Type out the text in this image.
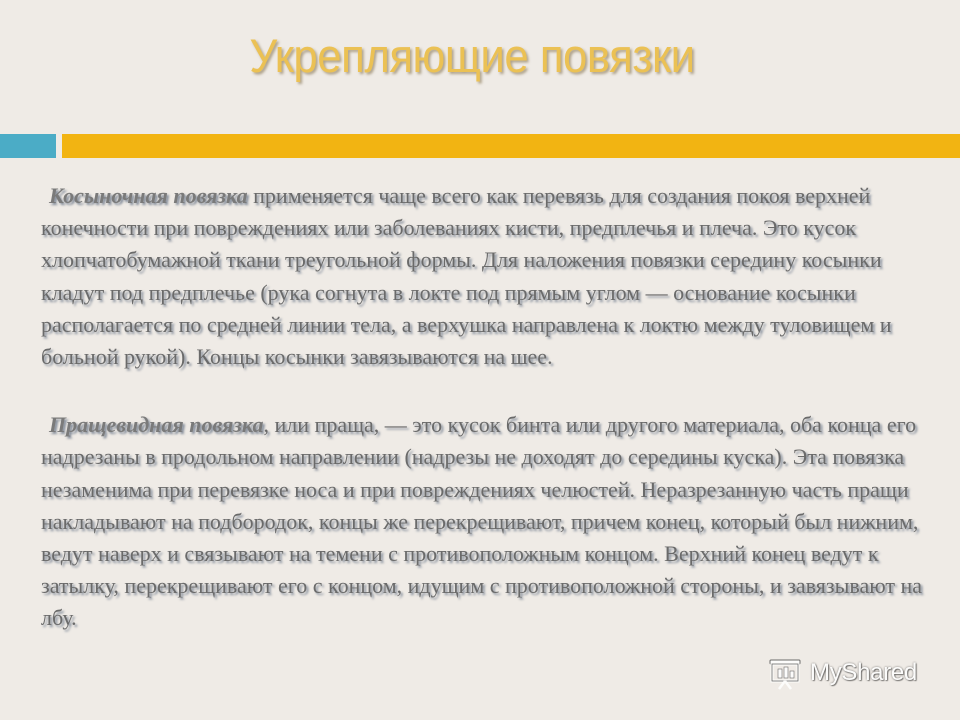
Укрепляющие повязки

Косыночная повязка применяется чаще всего как перевязь для создания покоя верхней конечности при повреждениях или заболеваниях кисти, предплечья и плеча. Это кусок хлопчатобумажной ткани треугольной формы. Для наложения повязки середину косынки кладут под предплечье (рука согнута в локте под прямым углом — основание косынки располагается по средней линии тела, а верхушка направлена к локтю между туловищем и больной рукой). Концы косынки завязываются на шее.

Пращевидная повязка, или праща, — это кусок бинта или другого материала, оба конца его надрезаны в продольном направлении (надрезы не доходят до середины куска). Эта повязка незаменима при перевязке носа и при повреждениях челюстей. Неразрезанную часть пращи накладывают на подбородок, концы же перекрещивают, причем конец, который был нижним, ведут наверх и связывают на темени с противоположным концом. Верхний конец ведут к затылку, перекрещивают его с концом, идущим с противоположной стороны, и завязывают на лбу.

MyShared
